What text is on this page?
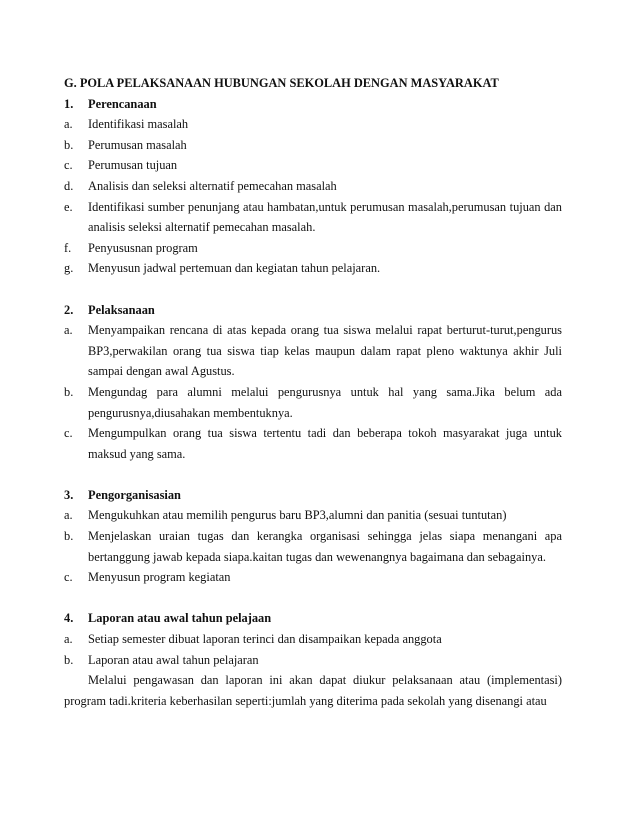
G. POLA PELAKSANAAN HUBUNGAN SEKOLAH DENGAN MASYARAKAT

1. Perencanaan

a. Identifikasi masalah

b. Perumusan masalah

c. Perumusan tujuan

d. Analisis dan seleksi alternatif pemecahan masalah

e. Identifikasi sumber penunjang atau hambatan,untuk perumusan masalah,perumusan tujuan dan analisis seleksi alternatif pemecahan masalah.

f. Penyususnan program

g. Menyusun jadwal pertemuan dan kegiatan tahun pelajaran.

2. Pelaksanaan

a. Menyampaikan rencana di atas kepada orang tua siswa melalui rapat berturut-turut,pengurus BP3,perwakilan orang tua siswa tiap kelas maupun dalam rapat pleno waktunya akhir Juli sampai dengan awal Agustus.

b. Mengundag para alumni melalui pengurusnya untuk hal yang sama.Jika belum ada pengurusnya,diusahakan membentuknya.

c. Mengumpulkan orang tua siswa tertentu tadi dan beberapa tokoh masyarakat juga untuk maksud yang sama.

3. Pengorganisasian

a. Mengukuhkan atau memilih pengurus baru BP3,alumni dan panitia (sesuai tuntutan)

b. Menjelaskan uraian tugas dan kerangka organisasi sehingga jelas siapa menangani apa bertanggung jawab kepada siapa.kaitan tugas dan wewenangnya bagaimana dan sebagainya.

c. Menyusun program kegiatan

4. Laporan atau awal tahun pelajaan

a. Setiap semester dibuat laporan terinci dan disampaikan kepada anggota

b. Laporan atau awal tahun pelajaran

Melalui pengawasan dan laporan ini akan dapat diukur pelaksanaan atau (implementasi) program tadi.kriteria keberhasilan seperti:jumlah yang diterima pada sekolah yang disenangi atau
